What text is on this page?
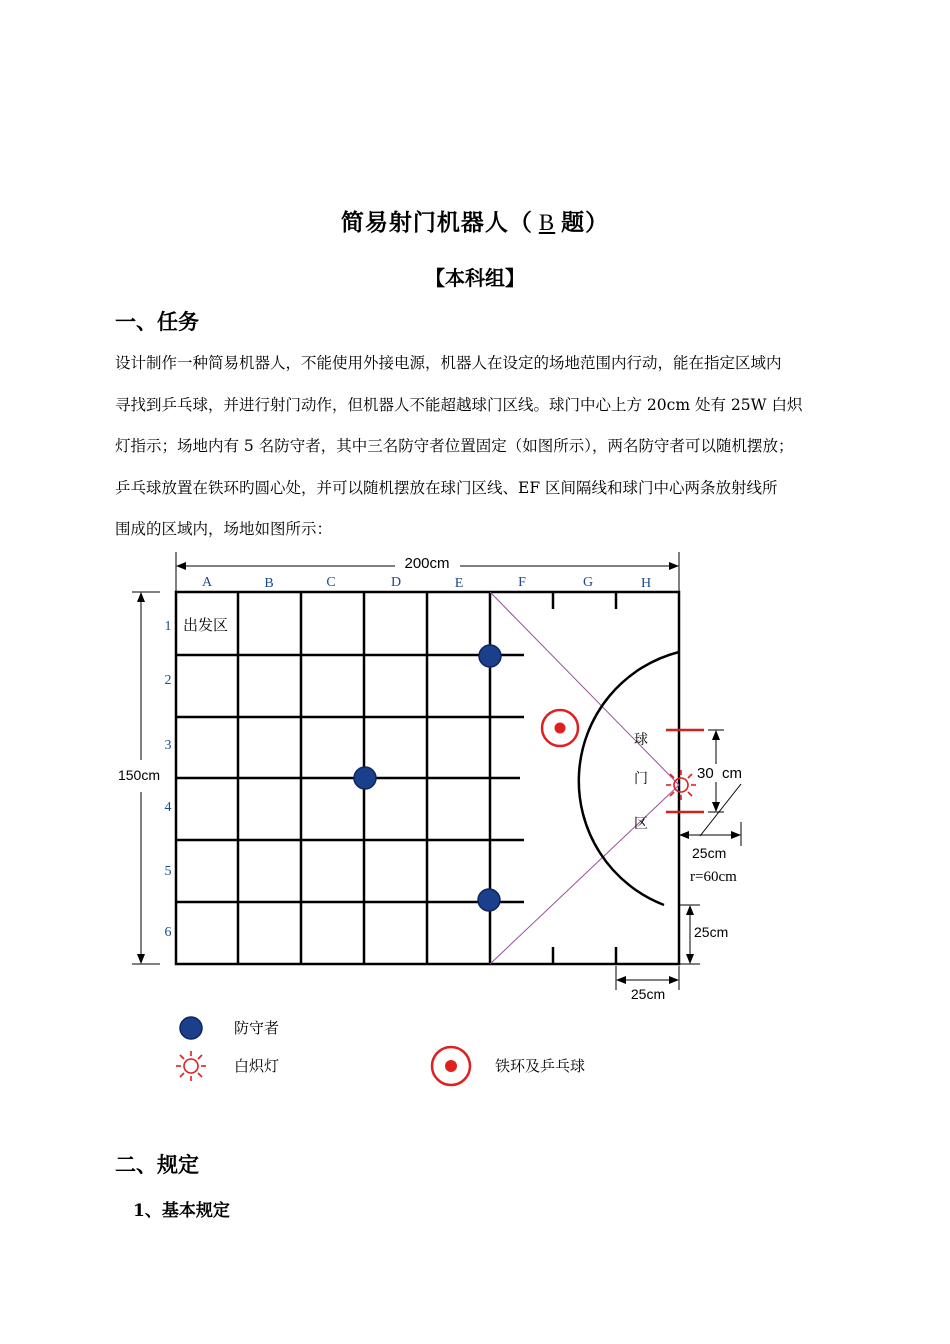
简易射门机器人（ B 题）
【本科组】
一、任务
设计制作一种简易机器人，不能使用外接电源，机器人在设定的场地范围内行动，能在指定区域内
寻找到乒乓球，并进行射门动作，但机器人不能超越球门区线。球门中心上方 20cm 处有 25W 白炽
灯指示；场地内有 5 名防守者，其中三名防守者位置固定（如图所示），两名防守者可以随机摆放；
乒乓球放置在铁环旳圆心处，并可以随机摆放在球门区线、EF 区间隔线和球门中心两条放射线所
围成的区域内，场地如图所示：
200cm
A	B	C	D	E	F	G	H
150cm
1
2
3
4
5
6
出发区
球
门
区
30  cm
25cm
r=60cm
25cm
25cm
防守者
白炽灯	铁环及乒乓球
二、规定
1、基本规定
